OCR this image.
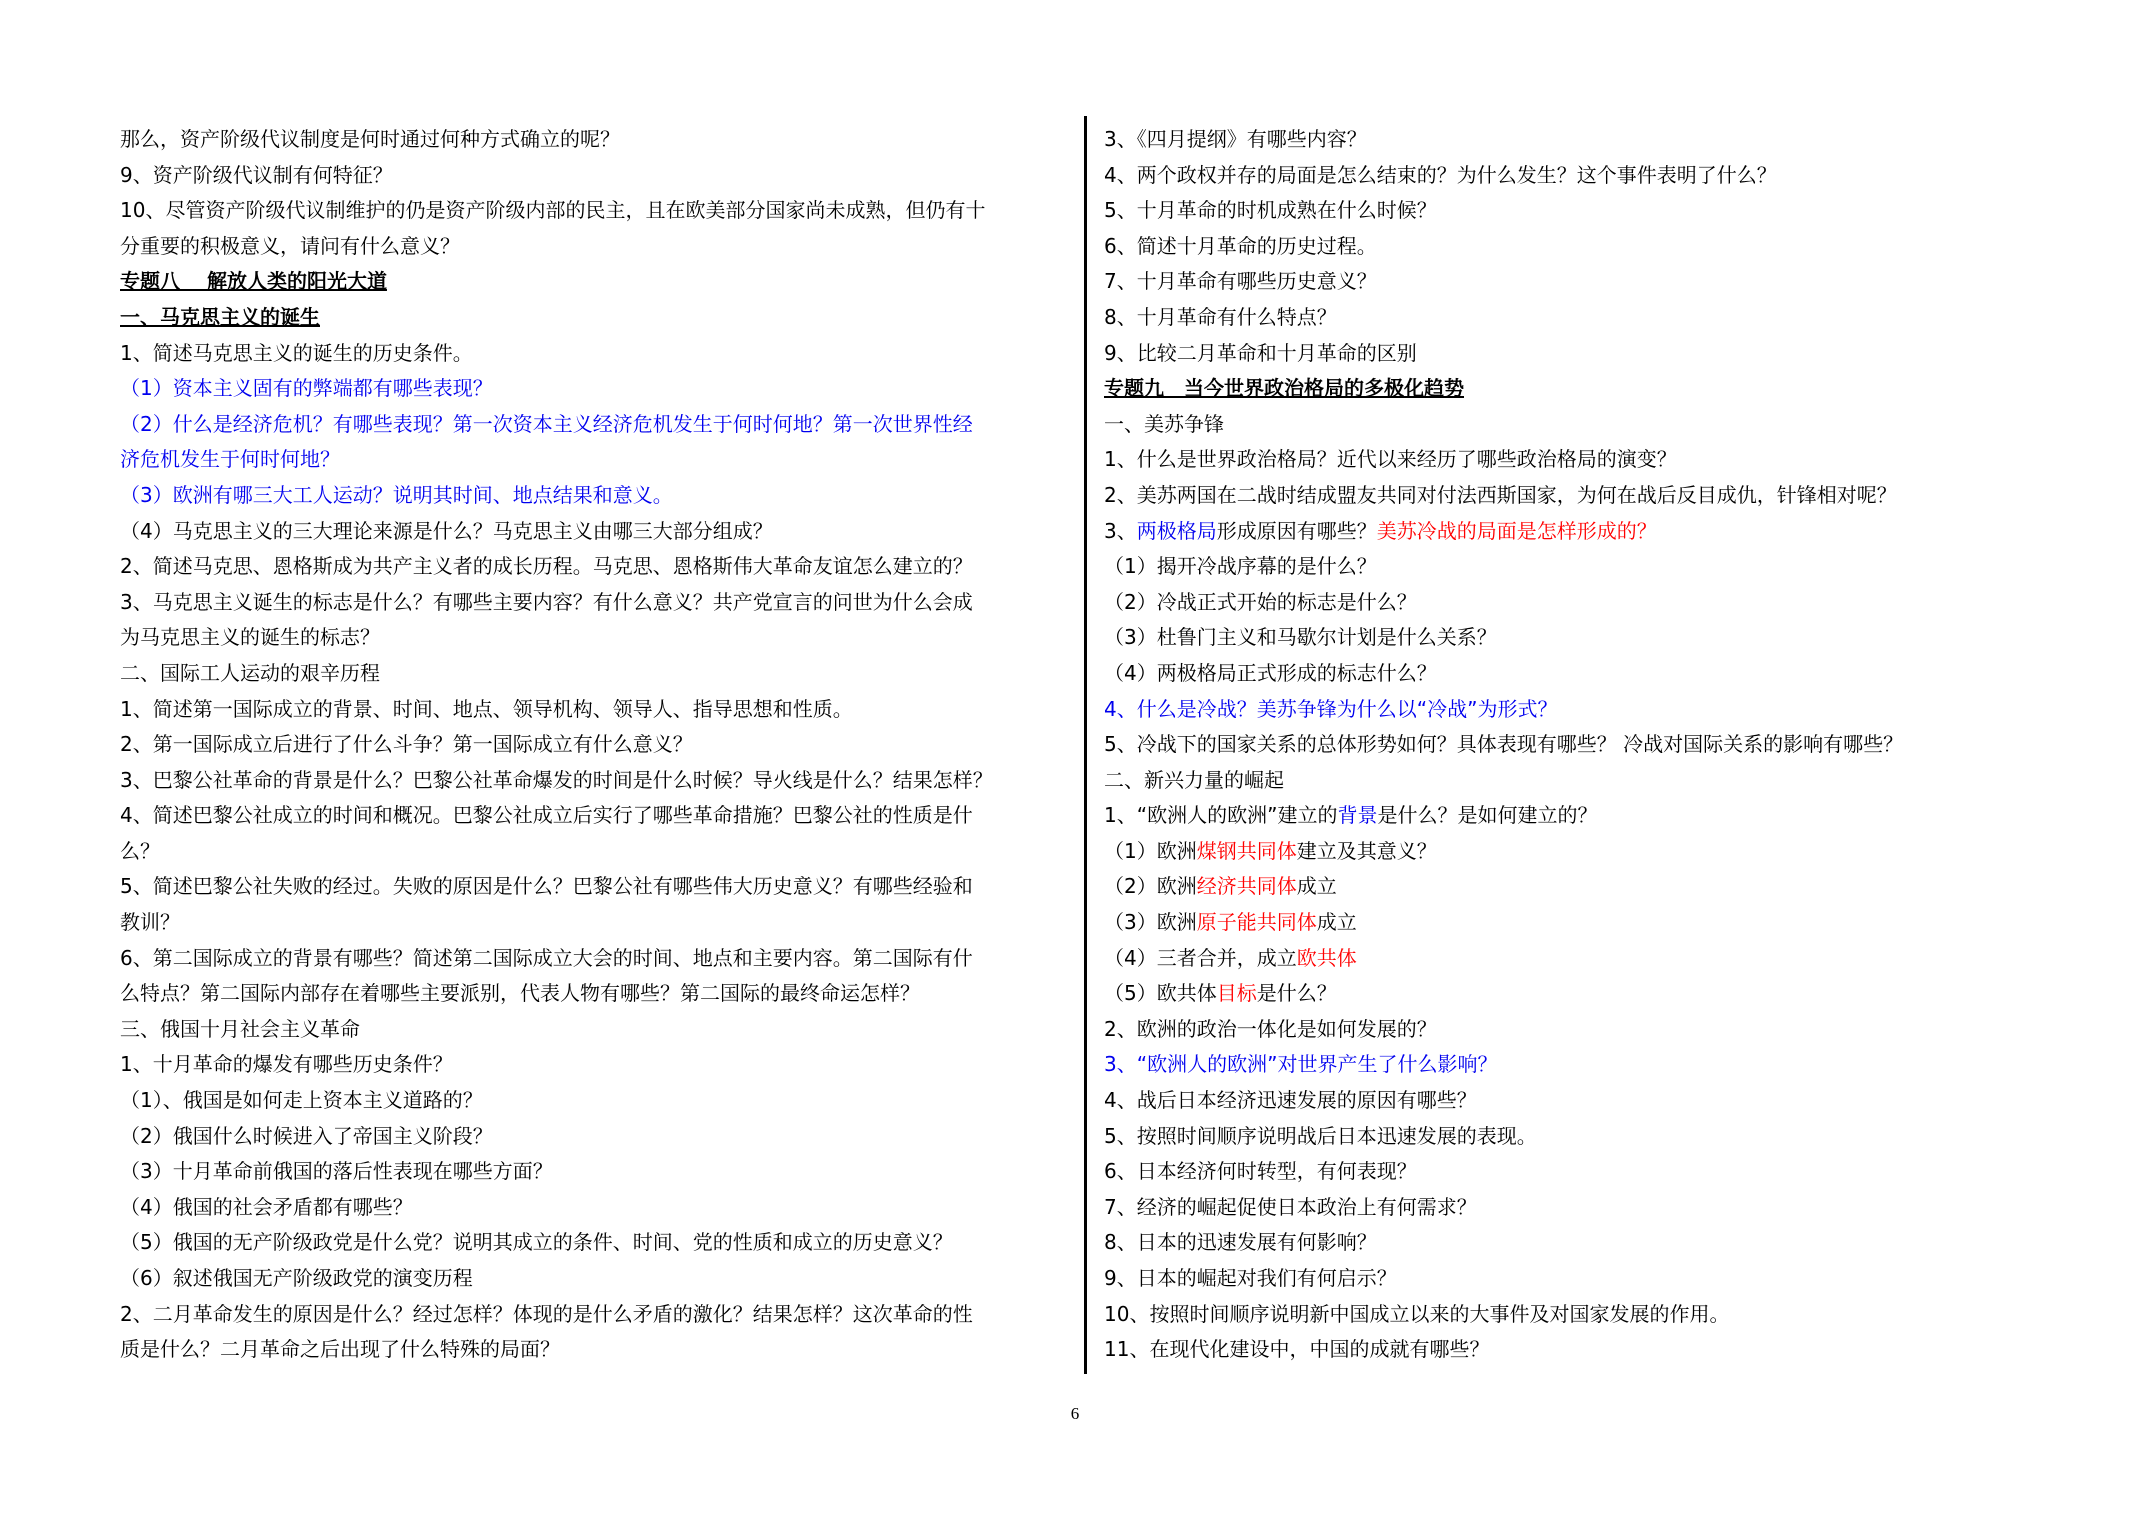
那么，资产阶级代议制度是何时通过何种方式确立的呢？
9、资产阶级代议制有何特征？
10、尽管资产阶级代议制维护的仍是资产阶级内部的民主，且在欧美部分国家尚未成熟，但仍有十
分重要的积极意义，请问有什么意义？
专题八　 解放人类的阳光大道
一、马克思主义的诞生
1、简述马克思主义的诞生的历史条件。
（1）资本主义固有的弊端都有哪些表现？
（2）什么是经济危机？有哪些表现？第一次资本主义经济危机发生于何时何地？第一次世界性经
济危机发生于何时何地？
（3）欧洲有哪三大工人运动？说明其时间、地点结果和意义。
（4）马克思主义的三大理论来源是什么？马克思主义由哪三大部分组成？
2、简述马克思、恩格斯成为共产主义者的成长历程。马克思、恩格斯伟大革命友谊怎么建立的？
3、马克思主义诞生的标志是什么？有哪些主要内容？有什么意义？共产党宣言的问世为什么会成
为马克思主义的诞生的标志？
二、国际工人运动的艰辛历程
1、简述第一国际成立的背景、时间、地点、领导机构、领导人、指导思想和性质。
2、第一国际成立后进行了什么斗争？第一国际成立有什么意义？
3、巴黎公社革命的背景是什么？巴黎公社革命爆发的时间是什么时候？导火线是什么？结果怎样？
4、简述巴黎公社成立的时间和概况。巴黎公社成立后实行了哪些革命措施？巴黎公社的性质是什
么？
5、简述巴黎公社失败的经过。失败的原因是什么？巴黎公社有哪些伟大历史意义？有哪些经验和
教训？
6、第二国际成立的背景有哪些？简述第二国际成立大会的时间、地点和主要内容。第二国际有什
么特点？第二国际内部存在着哪些主要派别，代表人物有哪些？第二国际的最终命运怎样？
三、俄国十月社会主义革命
1、十月革命的爆发有哪些历史条件？
（1）、俄国是如何走上资本主义道路的？
（2）俄国什么时候进入了帝国主义阶段？
（3）十月革命前俄国的落后性表现在哪些方面？
（4）俄国的社会矛盾都有哪些？
（5）俄国的无产阶级政党是什么党？说明其成立的条件、时间、党的性质和成立的历史意义？
（6）叙述俄国无产阶级政党的演变历程
2、二月革命发生的原因是什么？经过怎样？体现的是什么矛盾的激化？结果怎样？这次革命的性
质是什么？二月革命之后出现了什么特殊的局面？
3、《四月提纲》有哪些内容？
4、两个政权并存的局面是怎么结束的？为什么发生？这个事件表明了什么？
5、十月革命的时机成熟在什么时候？
6、简述十月革命的历史过程。
7、十月革命有哪些历史意义？
8、十月革命有什么特点？
9、比较二月革命和十月革命的区别
专题九　当今世界政治格局的多极化趋势
一、美苏争锋
1、什么是世界政治格局？近代以来经历了哪些政治格局的演变？
2、美苏两国在二战时结成盟友共同对付法西斯国家，为何在战后反目成仇，针锋相对呢？
3、两极格局形成原因有哪些？美苏冷战的局面是怎样形成的？
（1）揭开冷战序幕的是什么？
（2）冷战正式开始的标志是什么？
（3）杜鲁门主义和马歇尔计划是什么关系？
（4）两极格局正式形成的标志什么？
4、什么是冷战？美苏争锋为什么以“冷战”为形式？
5、冷战下的国家关系的总体形势如何？具体表现有哪些？ 冷战对国际关系的影响有哪些？
二、新兴力量的崛起
1、“欧洲人的欧洲”建立的背景是什么？是如何建立的？
（1）欧洲煤钢共同体建立及其意义？
（2）欧洲经济共同体成立
（3）欧洲原子能共同体成立
（4）三者合并，成立欧共体
（5）欧共体目标是什么？
2、欧洲的政治一体化是如何发展的？
3、“欧洲人的欧洲”对世界产生了什么影响？
4、战后日本经济迅速发展的原因有哪些？
5、按照时间顺序说明战后日本迅速发展的表现。
6、日本经济何时转型，有何表现？
7、经济的崛起促使日本政治上有何需求？
8、日本的迅速发展有何影响？
9、日本的崛起对我们有何启示？
10、按照时间顺序说明新中国成立以来的大事件及对国家发展的作用。
11、在现代化建设中，中国的成就有哪些？
6
